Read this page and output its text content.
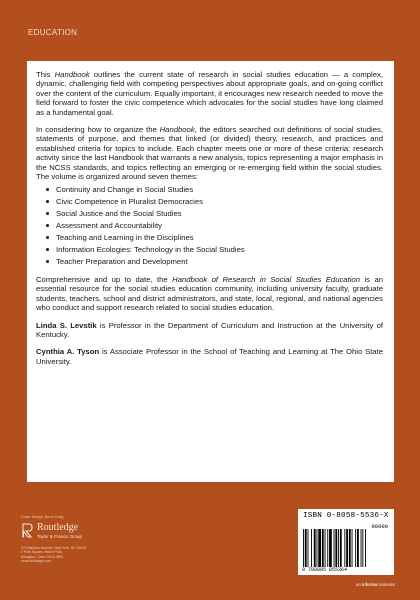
EDUCATION

This Handbook outlines the current state of research in social studies education — a complex, dynamic, challenging field with competing perspectives about appropriate goals, and on-going conflict over the content of the curriculum. Equally important, it encourages new research needed to move the field forward to foster the civic competence which advocates for the social studies have long claimed as a fundamental goal.

In considering how to organize the Handbook, the editors searched out definitions of social studies, statements of purpose, and themes that linked (or divided) theory, research, and practices and established criteria for topics to include. Each chapter meets one or more of these criteria: research activity since the last Handbook that warrants a new analysis, topics representing a major emphasis in the NCSS standards, and topics reflecting an emerging or re-emerging field within the social studies. The volume is organized around seven themes:

Continuity and Change in Social Studies
Civic Competence in Pluralist Democracies
Social Justice and the Social Studies
Assessment and Accountability
Teaching and Learning in the Disciplines
Information Ecologies: Technology in the Social Studies
Teacher Preparation and Development

Comprehensive and up to date, the Handbook of Research in Social Studies Education is an essential resource for the social studies education community, including university faculty, graduate students, teachers, school and district administrators, and state, local, regional, and national agencies who conduct and support research related to social studies education.

Linda S. Levstik is Professor in the Department of Curriculum and Instruction at the University of Kentucky.

Cynthia A. Tyson is Associate Professor in the School of Teaching and Learning at The Ohio State University.

Cover Design: Kevin Craig
Routledge
Taylor & Francis Group
270 Madison Avenue, New York, NY 10016
2 Park Square, Milton Park,
Abingdon, Oxon OX14 4RN
www.routledge.com
ISBN 0-8058-5536-X
90000
9 780805 855364
an informa business
